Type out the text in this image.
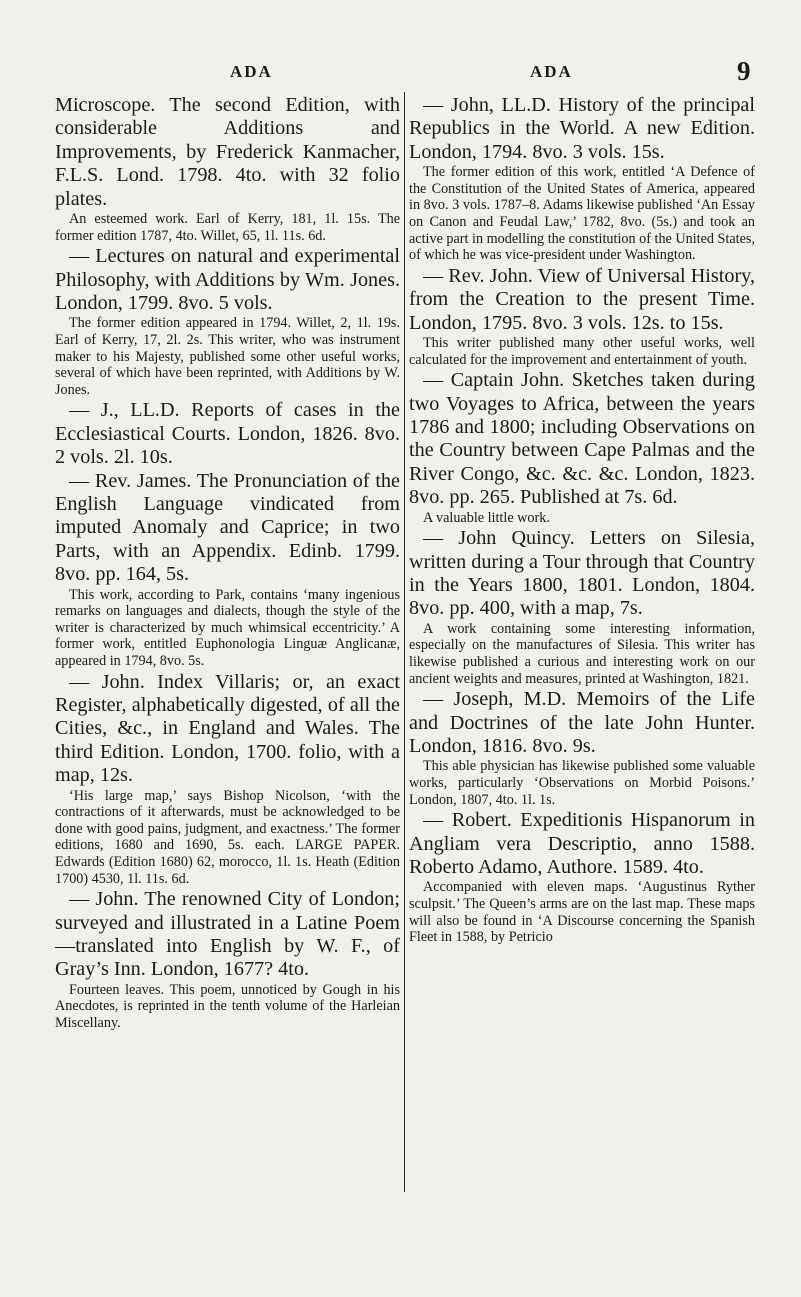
ADA	ADA	9

Microscope. The second Edition, with considerable Additions and Improvements, by Frederick Kanmacher, F.L.S. Lond. 1798. 4to. with 32 folio plates.

An esteemed work. Earl of Kerry, 181, 1l. 15s. The former edition 1787, 4to. Willet, 65, 1l. 11s. 6d.

— Lectures on natural and experimental Philosophy, with Additions by Wm. Jones. London, 1799. 8vo. 5 vols.

The former edition appeared in 1794. Willet, 2, 1l. 19s. Earl of Kerry, 17, 2l. 2s. This writer, who was instrument maker to his Majesty, published some other useful works, several of which have been reprinted, with Additions by W. Jones.

— J., LL.D. Reports of cases in the Ecclesiastical Courts. London, 1826. 8vo. 2 vols. 2l. 10s.

— Rev. James. The Pronunciation of the English Language vindicated from imputed Anomaly and Caprice; in two Parts, with an Appendix. Edinb. 1799. 8vo. pp. 164, 5s.

This work, according to Park, contains ‘many ingenious remarks on languages and dialects, though the style of the writer is characterized by much whimsical eccentricity.’ A former work, entitled Euphonologia Linguæ Anglicanæ, appeared in 1794, 8vo. 5s.

— John. Index Villaris; or, an exact Register, alphabetically digested, of all the Cities, &c., in England and Wales. The third Edition. London, 1700. folio, with a map, 12s.

‘His large map,’ says Bishop Nicolson, ‘with the contractions of it afterwards, must be acknowledged to be done with good pains, judgment, and exactness.’ The former editions, 1680 and 1690, 5s. each. LARGE PAPER. Edwards (Edition 1680) 62, morocco, 1l. 1s. Heath (Edition 1700) 4530, 1l. 11s. 6d.

— John. The renowned City of London; surveyed and illustrated in a Latine Poem—translated into English by W. F., of Gray’s Inn. London, 1677? 4to.

Fourteen leaves. This poem, unnoticed by Gough in his Anecdotes, is reprinted in the tenth volume of the Harleian Miscellany.

— John, LL.D. History of the principal Republics in the World. A new Edition. London, 1794. 8vo. 3 vols. 15s.

The former edition of this work, entitled ‘A Defence of the Constitution of the United States of America, appeared in 8vo. 3 vols. 1787–8. Adams likewise published ‘An Essay on Canon and Feudal Law,’ 1782, 8vo. (5s.) and took an active part in modelling the constitution of the United States, of which he was vice-president under Washington.

— Rev. John. View of Universal History, from the Creation to the present Time. London, 1795. 8vo. 3 vols. 12s. to 15s.

This writer published many other useful works, well calculated for the improvement and entertainment of youth.

— Captain John. Sketches taken during two Voyages to Africa, between the years 1786 and 1800; including Observations on the Country between Cape Palmas and the River Congo, &c. &c. &c. London, 1823. 8vo. pp. 265. Published at 7s. 6d.

A valuable little work.

— John Quincy. Letters on Silesia, written during a Tour through that Country in the Years 1800, 1801. London, 1804. 8vo. pp. 400, with a map, 7s.

A work containing some interesting information, especially on the manufactures of Silesia. This writer has likewise published a curious and interesting work on our ancient weights and measures, printed at Washington, 1821.

— Joseph, M.D. Memoirs of the Life and Doctrines of the late John Hunter. London, 1816. 8vo. 9s.

This able physician has likewise published some valuable works, particularly ‘Observations on Morbid Poisons.’ London, 1807, 4to. 1l. 1s.

— Robert. Expeditionis Hispanorum in Angliam vera Descriptio, anno 1588. Roberto Adamo, Authore. 1589. 4to.

Accompanied with eleven maps. ‘Augustinus Ryther sculpsit.’ The Queen’s arms are on the last map. These maps will also be found in ‘A Discourse concerning the Spanish Fleet in 1588, by Petricio
